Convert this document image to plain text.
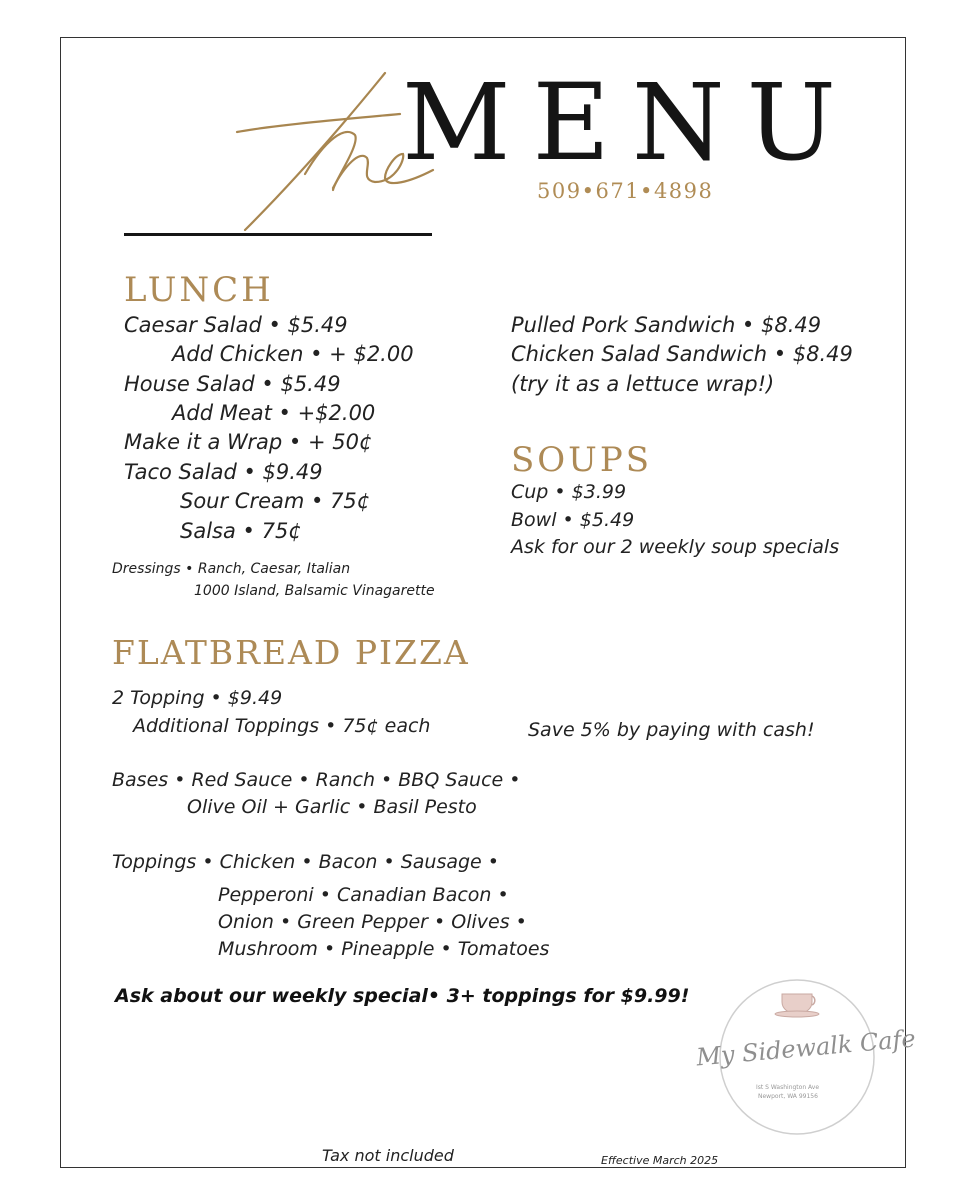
MENU
509•671•4898
LUNCH
Caesar Salad • $5.49
Add Chicken • + $2.00
House Salad • $5.49
Add Meat • +$2.00
Make it a Wrap • + 50¢
Taco Salad • $9.49
Sour Cream • 75¢
Salsa • 75¢
Dressings • Ranch, Caesar, Italian
1000 Island, Balsamic Vinagarette
Pulled Pork Sandwich • $8.49
Chicken Salad Sandwich • $8.49
(try it as a lettuce wrap!)
SOUPS
Cup • $3.99
Bowl • $5.49
Ask for our 2 weekly soup specials
FLATBREAD PIZZA
2 Topping • $9.49
Additional Toppings • 75¢ each
Bases • Red Sauce • Ranch • BBQ Sauce •
Olive Oil + Garlic • Basil Pesto
Toppings • Chicken • Bacon • Sausage •
Pepperoni • Canadian Bacon •
Onion • Green Pepper • Olives •
Mushroom • Pineapple • Tomatoes
Ask about our weekly special• 3+ toppings for $9.99!
Save 5% by paying with cash!
My Sidewalk Cafe
Ist S Washington Ave
Newport, WA 99156
Tax not included	Effective March 2025
